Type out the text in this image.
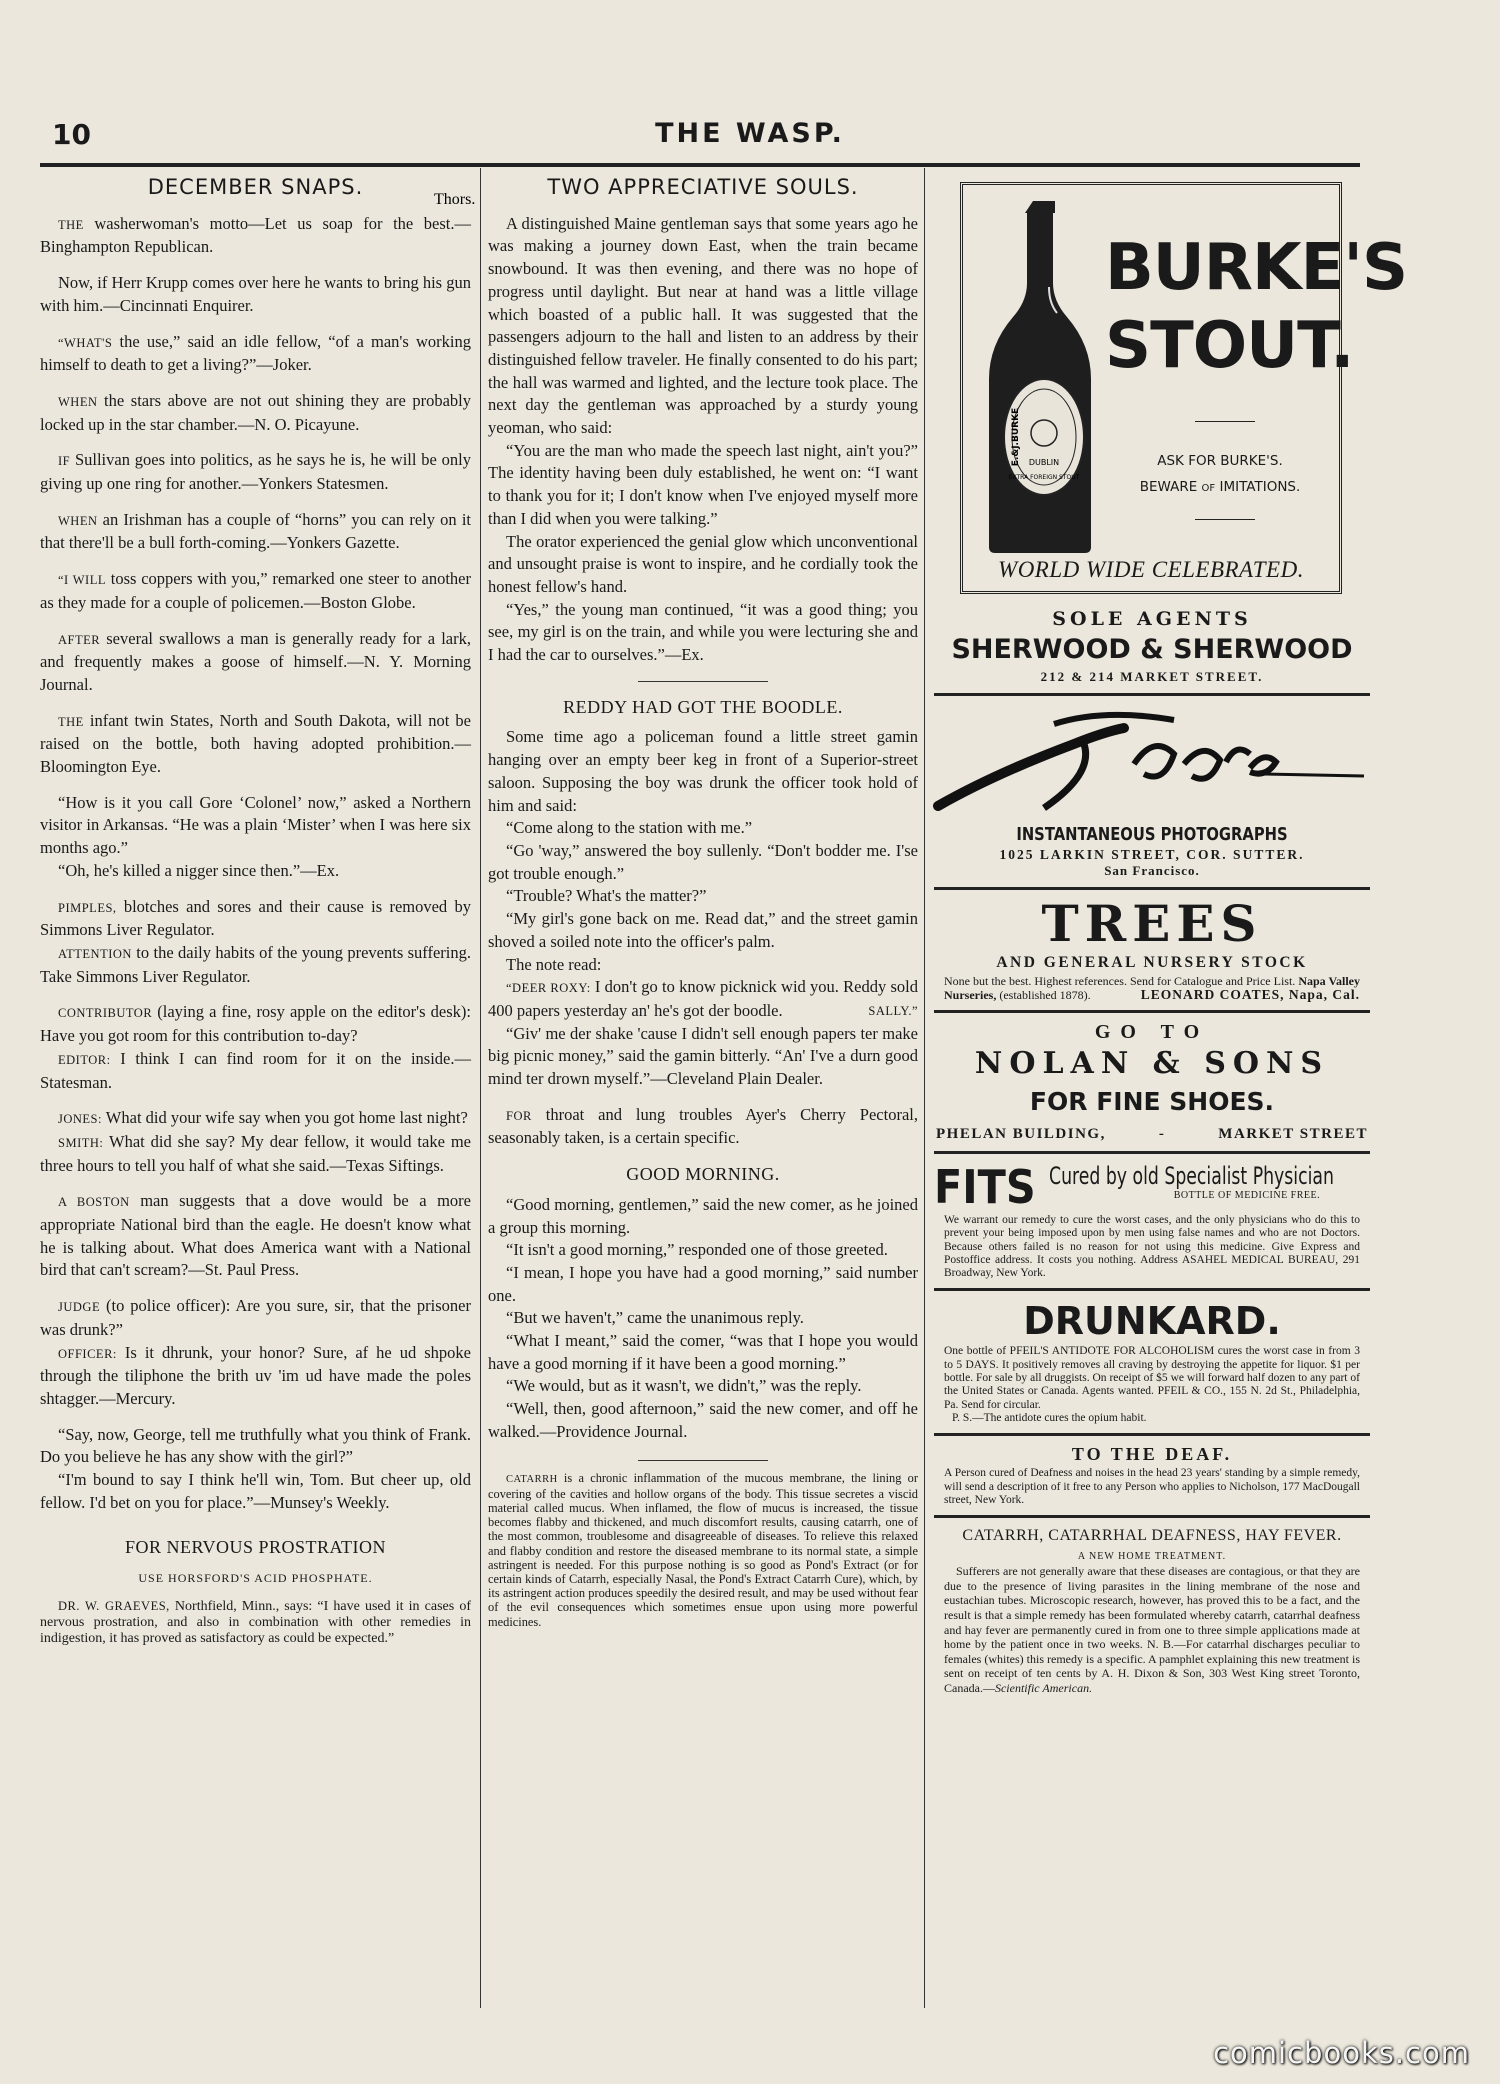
10	THE WASP.
DECEMBER SNAPS.

THE washerwoman's motto—Let us soap for the best.—Binghampton Republican.

Now, if Herr Krupp comes over here he wants to bring his gun with him.—Cincinnati Enquirer.

“WHAT'S the use,” said an idle fellow, “of a man's working himself to death to get a living?”—Joker.

WHEN the stars above are not out shining they are probably locked up in the star chamber.—N. O. Picayune.

IF Sullivan goes into politics, as he says he is, he will be only giving up one ring for another.—Yonkers Statesmen.

WHEN an Irishman has a couple of “horns” you can rely on it that there'll be a bull forth-coming.—Yonkers Gazette.

“I WILL toss coppers with you,” remarked one steer to another as they made for a couple of policemen.—Boston Globe.

AFTER several swallows a man is generally ready for a lark, and frequently makes a goose of himself.—N. Y. Morning Journal.

THE infant twin States, North and South Dakota, will not be raised on the bottle, both having adopted prohibition.—Bloomington Eye.

“How is it you call Gore ‘Colonel’ now,” asked a Northern visitor in Arkansas. “He was a plain ‘Mister’ when I was here six months ago.”

“Oh, he's killed a nigger since then.”—Ex.

PIMPLES, blotches and sores and their cause is removed by Simmons Liver Regulator.

ATTENTION to the daily habits of the young prevents suffering. Take Simmons Liver Regulator.

CONTRIBUTOR (laying a fine, rosy apple on the editor's desk): Have you got room for this contribution to-day?

EDITOR: I think I can find room for it on the inside.—Statesman.

JONES: What did your wife say when you got home last night?

SMITH: What did she say? My dear fellow, it would take me three hours to tell you half of what she said.—Texas Siftings.

A BOSTON man suggests that a dove would be a more appropriate National bird than the eagle. He doesn't know what he is talking about. What does America want with a National bird that can't scream?—St. Paul Press.

JUDGE (to police officer): Are you sure, sir, that the prisoner was drunk?”

OFFICER: Is it dhrunk, your honor? Sure, af he ud shpoke through the tiliphone the brith uv 'im ud have made the poles shtagger.—Mercury.

“Say, now, George, tell me truthfully what you think of Frank. Do you believe he has any show with the girl?”

“I'm bound to say I think he'll win, Tom. But cheer up, old fellow. I'd bet on you for place.”—Munsey's Weekly.

FOR NERVOUS PROSTRATION
USE HORSFORD'S ACID PHOSPHATE.

DR. W. GRAEVES, Northfield, Minn., says: “I have used it in cases of nervous prostration, and also in combination with other remedies in indigestion, it has proved as satisfactory as could be expected.”

TWO APPRECIATIVE SOULS.

A distinguished Maine gentleman says that some years ago he was making a journey down East, when the train became snowbound. It was then evening, and there was no hope of progress until daylight. But near at hand was a little village which boasted of a public hall. It was suggested that the passengers adjourn to the hall and listen to an address by their distinguished fellow traveler. He finally consented to do his part; the hall was warmed and lighted, and the lecture took place. The next day the gentleman was approached by a sturdy young yeoman, who said:

“You are the man who made the speech last night, ain't you?” The identity having been duly established, he went on: “I want to thank you for it; I don't know when I've enjoyed myself more than I did when you were talking.”

The orator experienced the genial glow which unconventional and unsought praise is wont to inspire, and he cordially took the honest fellow's hand.

“Yes,” the young man continued, “it was a good thing; you see, my girl is on the train, and while you were lecturing she and I had the car to ourselves.”—Ex.

REDDY HAD GOT THE BOODLE.

Some time ago a policeman found a little street gamin hanging over an empty beer keg in front of a Superior-street saloon. Supposing the boy was drunk the officer took hold of him and said:

“Come along to the station with me.”

“Go 'way,” answered the boy sullenly. “Don't bodder me. I'se got trouble enough.”

“Trouble? What's the matter?”

“My girl's gone back on me. Read dat,” and the street gamin shoved a soiled note into the officer's palm.

The note read:

“DEER ROXY: I don't go to know picknick wid you. Reddy sold 400 papers yesterday an' he's got der boodle.	SALLY.”

“Giv' me der shake 'cause I didn't sell enough papers ter make big picnic money,” said the gamin bitterly. “An' I've a durn good mind ter drown myself.”—Cleveland Plain Dealer.

FOR throat and lung troubles Ayer's Cherry Pectoral, seasonably taken, is a certain specific.

GOOD MORNING.

“Good morning, gentlemen,” said the new comer, as he joined a group this morning.

“It isn't a good morning,” responded one of those greeted.

“I mean, I hope you have had a good morning,” said number one.

“But we haven't,” came the unanimous reply.

“What I meant,” said the comer, “was that I hope you would have a good morning if it have been a good morning.”

“We would, but as it wasn't, we didn't,” was the reply.

“Well, then, good afternoon,” said the new comer, and off he walked.—Providence Journal.

CATARRH is a chronic inflammation of the mucous membrane, the lining or covering of the cavities and hollow organs of the body. This tissue secretes a viscid material called mucus. When inflamed, the flow of mucus is increased, the tissue becomes flabby and thickened, and much discomfort results, causing catarrh, one of the most common, troublesome and disagreeable of diseases. To relieve this relaxed and flabby condition and restore the diseased membrane to its normal state, a simple astringent is needed. For this purpose nothing is so good as Pond's Extract (or for certain kinds of Catarrh, especially Nasal, the Pond's Extract Catarrh Cure), which, by its astringent action produces speedily the desired result, and may be used without fear of the evil consequences which sometimes ensue upon using more powerful medicines.

E.&J.BURKE DUBLIN
EXTRA FOREIGN STOUT
BURKE'S
STOUT.
ASK FOR BURKE'S.
BEWARE OF IMITATIONS.
WORLD WIDE CELEBRATED.
SOLE AGENTS
SHERWOOD & SHERWOOD
212 & 214 MARKET STREET.
Thors.
INSTANTANEOUS PHOTOGRAPHS
1025 LARKIN STREET, COR. SUTTER.
San Francisco.
TREES
AND GENERAL NURSERY STOCK
None but the best. Highest references. Send for Catalogue and Price List. Napa Valley Nurseries, (established 1878).	LEONARD COATES, Napa, Cal.
GO TO
NOLAN & SONS
FOR FINE SHOES.
PHELAN BUILDING,	-	MARKET STREET
FITS Cured by old Specialist Physician
BOTTLE OF MEDICINE FREE.
We warrant our remedy to cure the worst cases, and the only physicians who do this to prevent your being imposed upon by men using false names and who are not Doctors. Because others failed is no reason for not using this medicine. Give Express and Postoffice address. It costs you nothing. Address ASAHEL MEDICAL BUREAU, 291 Broadway, New York.
DRUNKARD.
One bottle of PFEIL'S ANTIDOTE FOR ALCOHOLISM cures the worst case in from 3 to 5 DAYS. It positively removes all craving by destroying the appetite for liquor. $1 per bottle. For sale by all druggists. On receipt of $5 we will forward half dozen to any part of the United States or Canada. Agents wanted. PFEIL & CO., 155 N. 2d St., Philadelphia, Pa. Send for circular.
P. S.—The antidote cures the opium habit.
TO THE DEAF.
A Person cured of Deafness and noises in the head 23 years' standing by a simple remedy, will send a description of it free to any Person who applies to Nicholson, 177 MacDougall street, New York.
CATARRH, CATARRHAL DEAFNESS, HAY FEVER.
A NEW HOME TREATMENT.
Sufferers are not generally aware that these diseases are contagious, or that they are due to the presence of living parasites in the lining membrane of the nose and eustachian tubes. Microscopic research, however, has proved this to be a fact, and the result is that a simple remedy has been formulated whereby catarrh, catarrhal deafness and hay fever are permanently cured in from one to three simple applications made at home by the patient once in two weeks. N. B.—For catarrhal discharges peculiar to females (whites) this remedy is a specific. A pamphlet explaining this new treatment is sent on receipt of ten cents by A. H. Dixon & Son, 303 West King street Toronto, Canada.—Scientific American.
comicbooks.com
